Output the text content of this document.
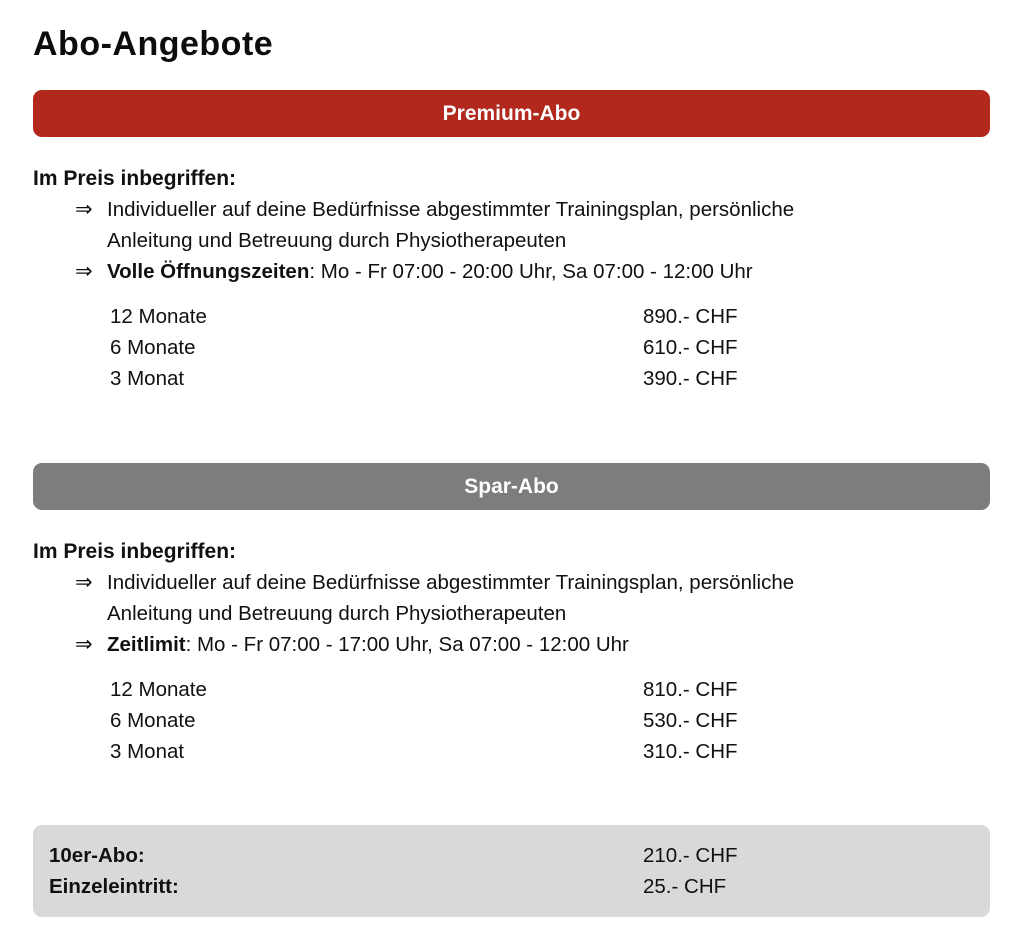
Abo-Angebote
Premium-Abo
Im Preis inbegriffen:
⇒ Individueller auf deine Bedürfnisse abgestimmter Trainingsplan, persönliche Anleitung und Betreuung durch Physiotherapeuten
⇒ Volle Öffnungszeiten: Mo - Fr 07:00 - 20:00 Uhr, Sa 07:00 - 12:00 Uhr
12 Monate	890.- CHF
6 Monate	610.- CHF
3 Monat	390.- CHF
Spar-Abo
Im Preis inbegriffen:
⇒ Individueller auf deine Bedürfnisse abgestimmter Trainingsplan, persönliche Anleitung und Betreuung durch Physiotherapeuten
⇒ Zeitlimit: Mo - Fr 07:00 - 17:00 Uhr, Sa 07:00 - 12:00 Uhr
12 Monate	810.- CHF
6 Monate	530.- CHF
3 Monat	310.- CHF
10er-Abo:	210.- CHF
Einzeleintritt:	25.- CHF
